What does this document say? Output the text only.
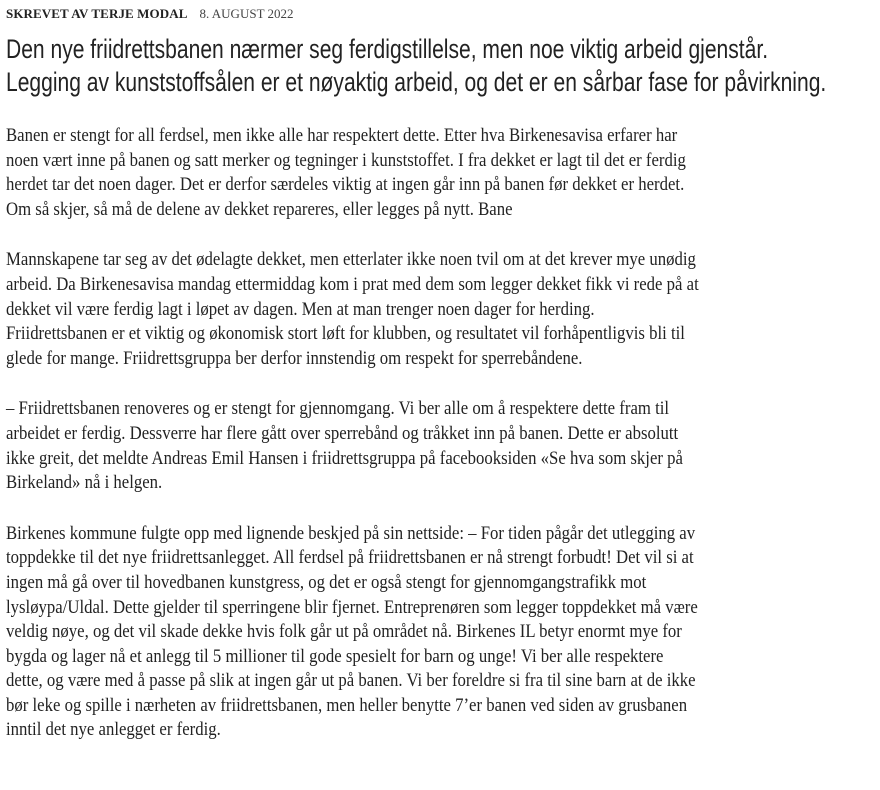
SKREVET AV TERJE MODAL 8. AUGUST 2022
Den nye friidrettsbanen nærmer seg ferdigstillelse, men noe viktig arbeid gjenstår.
Legging av kunststoffsålen er et nøyaktig arbeid, og det er en sårbar fase for påvirkning.

Banen er stengt for all ferdsel, men ikke alle har respektert dette. Etter hva Birkenesavisa erfarer har
noen vært inne på banen og satt merker og tegninger i kunststoffet. I fra dekket er lagt til det er ferdig
herdet tar det noen dager. Det er derfor særdeles viktig at ingen går inn på banen før dekket er herdet.
Om så skjer, så må de delene av dekket repareres, eller legges på nytt. Bane

Mannskapene tar seg av det ødelagte dekket, men etterlater ikke noen tvil om at det krever mye unødig
arbeid. Da Birkenesavisa mandag ettermiddag kom i prat med dem som legger dekket fikk vi rede på at
dekket vil være ferdig lagt i løpet av dagen. Men at man trenger noen dager for herding.
Friidrettsbanen er et viktig og økonomisk stort løft for klubben, og resultatet vil forhåpentligvis bli til
glede for mange. Friidrettsgruppa ber derfor innstendig om respekt for sperrebåndene.

– Friidrettsbanen renoveres og er stengt for gjennomgang. Vi ber alle om å respektere dette fram til
arbeidet er ferdig. Dessverre har flere gått over sperrebånd og tråkket inn på banen. Dette er absolutt
ikke greit, det meldte Andreas Emil Hansen i friidrettsgruppa på facebooksiden «Se hva som skjer på
Birkeland» nå i helgen.

Birkenes kommune fulgte opp med lignende beskjed på sin nettside: – For tiden pågår det utlegging av
toppdekke til det nye friidrettsanlegget. All ferdsel på friidrettsbanen er nå strengt forbudt! Det vil si at
ingen må gå over til hovedbanen kunstgress, og det er også stengt for gjennomgangstrafikk mot
lysløypa/Uldal. Dette gjelder til sperringene blir fjernet. Entreprenøren som legger toppdekket må være
veldig nøye, og det vil skade dekke hvis folk går ut på området nå. Birkenes IL betyr enormt mye for
bygda og lager nå et anlegg til 5 millioner til gode spesielt for barn og unge! Vi ber alle respektere
dette, og være med å passe på slik at ingen går ut på banen. Vi ber foreldre si fra til sine barn at de ikke
bør leke og spille i nærheten av friidrettsbanen, men heller benytte 7’er banen ved siden av grusbanen
inntil det nye anlegget er ferdig.
